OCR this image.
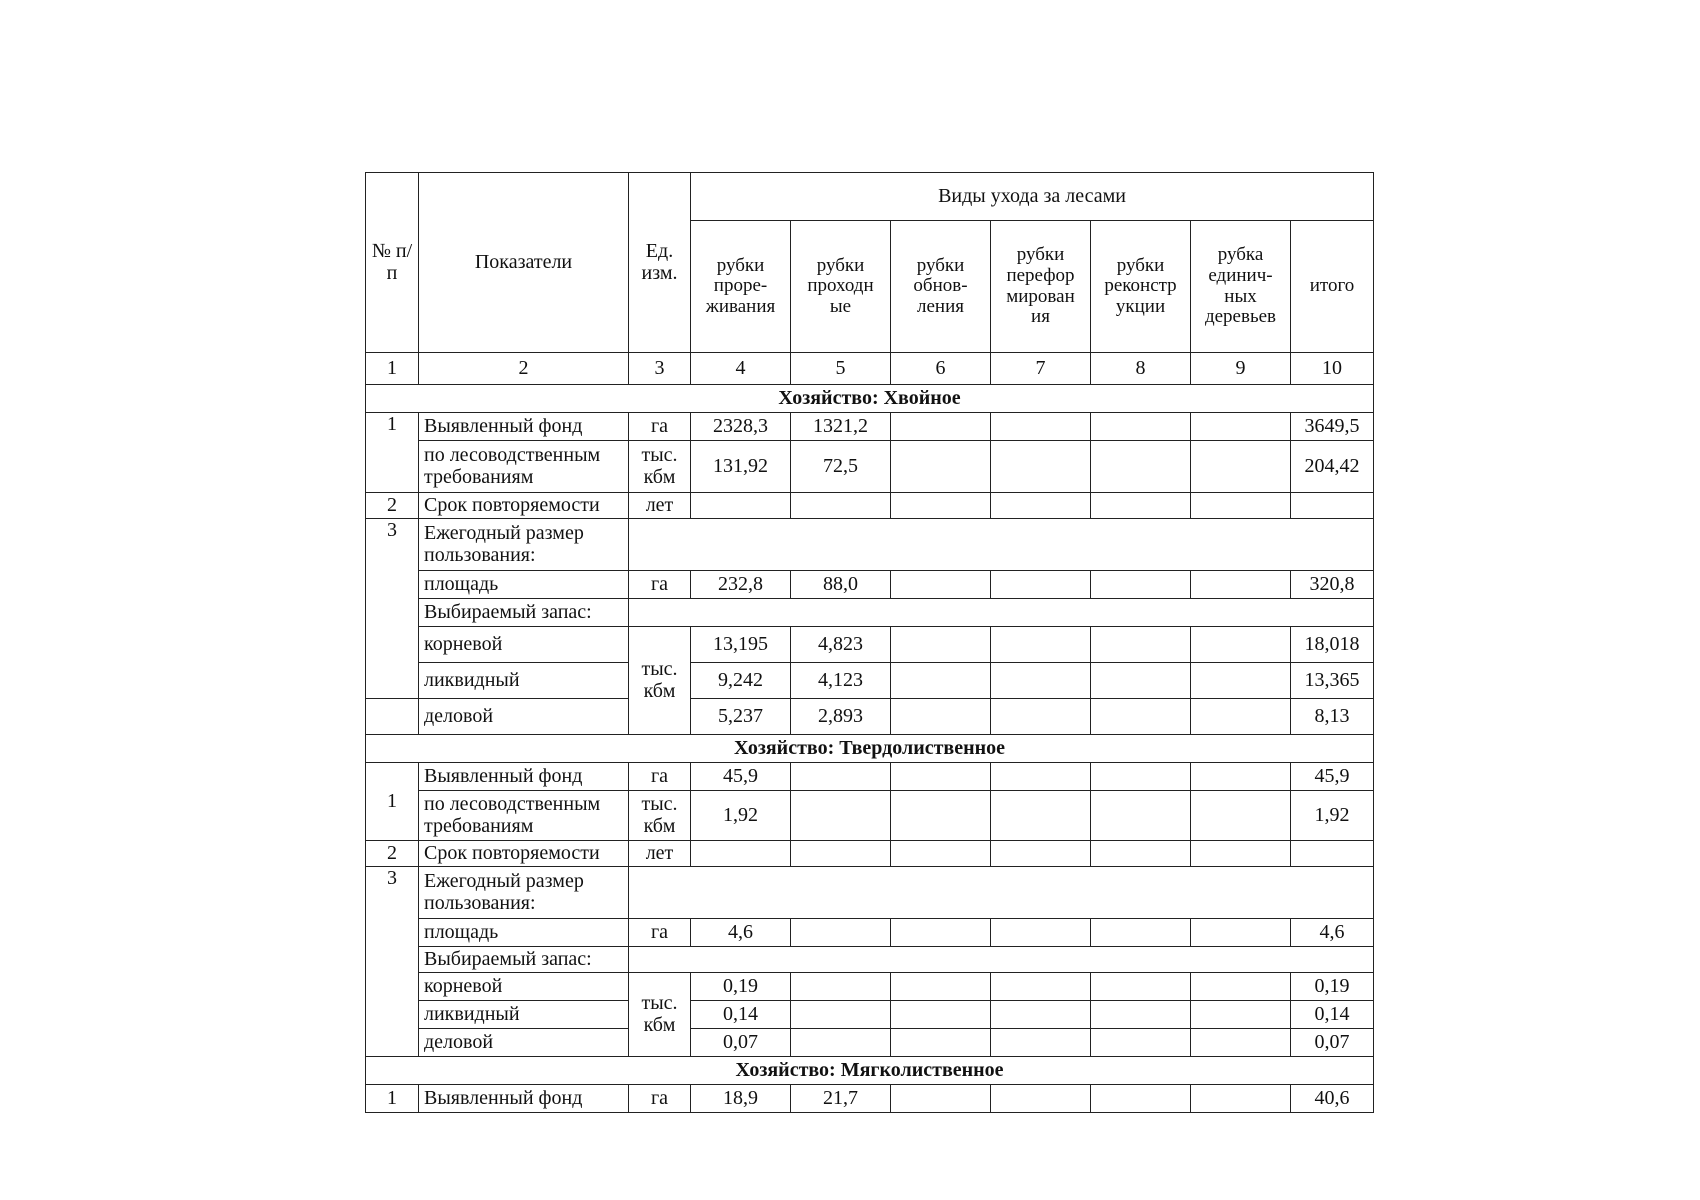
№ п/п	Показатели	Ед. изм.	Виды ухода за лесами						
			рубки проре-живания	рубки проходн ые	рубки обнов-ления	рубки перефор мирован ия	рубки реконстр укции	рубка единич-ных деревьев	итого
1	2	3	4	5	6	7	8	9	10
Хозяйство: Хвойное									
1	Выявленный фонд	га	2328,3	1321,2					3649,5
	по лесоводственным требованиям	тыс. кбм	131,92	72,5					204,42
2	Срок повторяемости	лет							
3	Ежегодный размер пользования:								
	площадь	га	232,8	88,0					320,8
	Выбираемый запас:								
	корневой	тыс. кбм	13,195	4,823					18,018
	ликвидный		9,242	4,123					13,365
	деловой		5,237	2,893					8,13
Хозяйство: Твердолиственное									
1	Выявленный фонд	га	45,9						45,9
	по лесоводственным требованиям	тыс. кбм	1,92						1,92
2	Срок повторяемости	лет							
3	Ежегодный размер пользования:								
	площадь	га	4,6						4,6
	Выбираемый запас:								
	корневой	тыс. кбм	0,19						0,19
	ликвидный		0,14						0,14
	деловой		0,07						0,07
Хозяйство: Мягколиственное									
1	Выявленный фонд	га	18,9	21,7					40,6
